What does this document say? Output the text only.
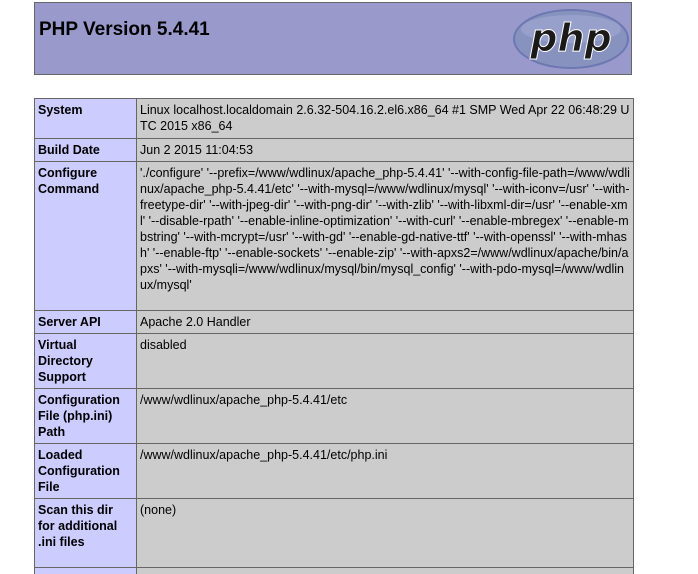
PHP Version 5.4.41	php
System	Linux localhost.localdomain 2.6.32-504.16.2.el6.x86_64 #1 SMP Wed Apr 22 06:48:29 UTC 2015 x86_64
Build Date	Jun 2 2015 11:04:53
Configure Command	'./configure' '--prefix=/www/wdlinux/apache_php-5.4.41' '--with-config-file-path=/www/wdlinux/apache_php-5.4.41/etc' '--with-mysql=/www/wdlinux/mysql' '--with-iconv=/usr' '--with-freetype-dir' '--with-jpeg-dir' '--with-png-dir' '--with-zlib' '--with-libxml-dir=/usr' '--enable-xml' '--disable-rpath' '--enable-inline-optimization' '--with-curl' '--enable-mbregex' '--enable-mbstring' '--with-mcrypt=/usr' '--with-gd' '--enable-gd-native-ttf' '--with-openssl' '--with-mhash' '--enable-ftp' '--enable-sockets' '--enable-zip' '--with-apxs2=/www/wdlinux/apache/bin/apxs' '--with-mysqli=/www/wdlinux/mysql/bin/mysql_config' '--with-pdo-mysql=/www/wdlinux/mysql'
Server API	Apache 2.0 Handler
Virtual Directory Support	disabled
Configuration File (php.ini) Path	/www/wdlinux/apache_php-5.4.41/etc
Loaded Configuration File	/www/wdlinux/apache_php-5.4.41/etc/php.ini
Scan this dir for additional .ini files	(none)
